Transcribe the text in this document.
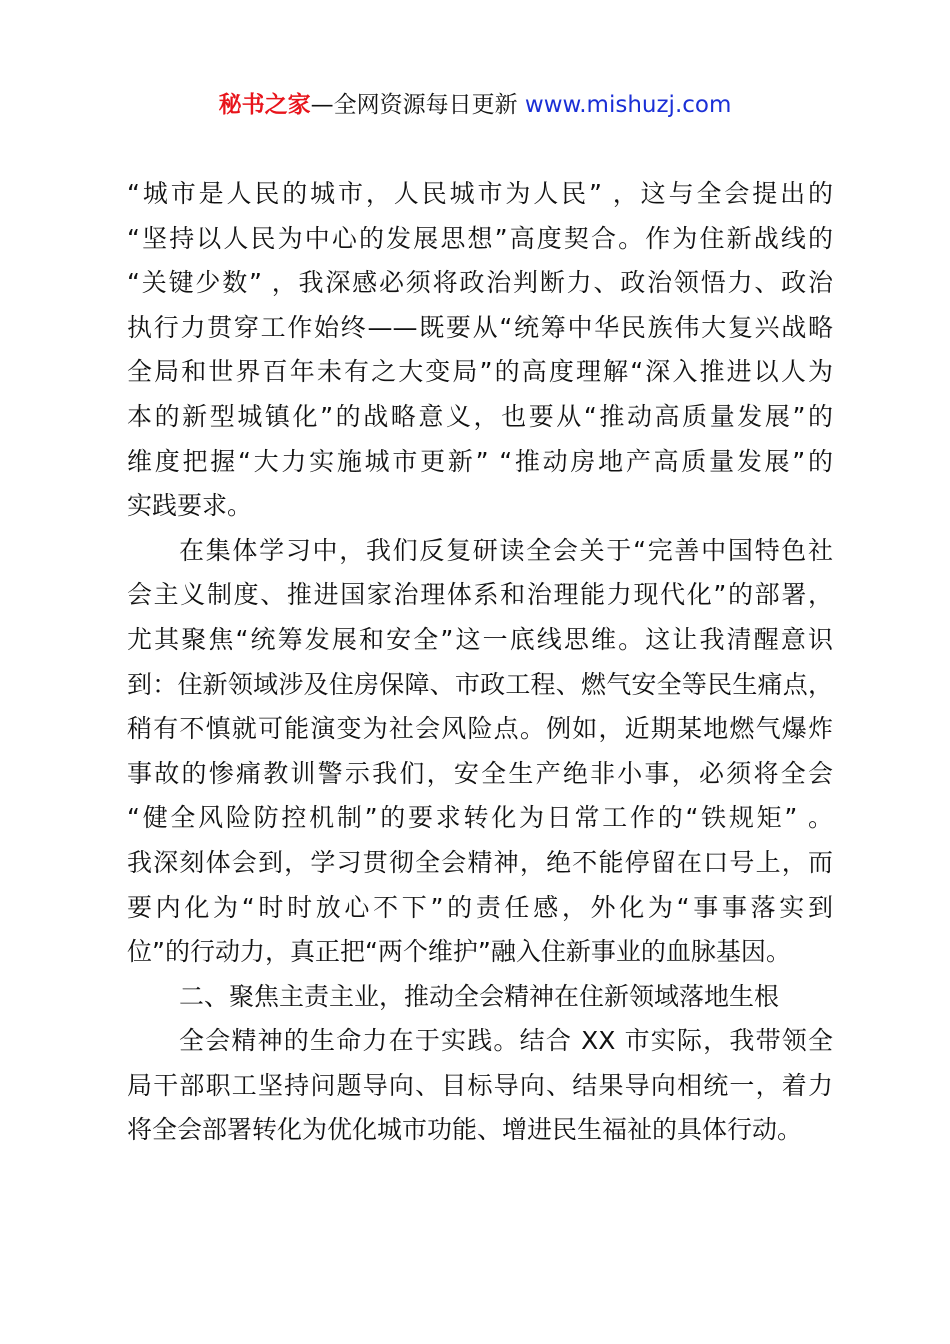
秘书之家—全网资源每日更新 www.mishuzj.com
“城市是人民的城市，人民城市为人民” ，这与全会提出的
“坚持以人民为中心的发展思想”高度契合。作为住新战线的
“关键少数” ，我深感必须将政治判断力、政治领悟力、政治
执行力贯穿工作始终——既要从“统筹中华民族伟大复兴战略
全局和世界百年未有之大变局”的高度理解“深入推进以人为
本的新型城镇化”的战略意义，也要从“推动高质量发展”的
维度把握“大力实施城市更新” “推动房地产高质量发展”的
实践要求。
在集体学习中，我们反复研读全会关于“完善中国特色社
会主义制度、推进国家治理体系和治理能力现代化”的部署，
尤其聚焦“统筹发展和安全”这一底线思维。这让我清醒意识
到：住新领域涉及住房保障、市政工程、燃气安全等民生痛点，
稍有不慎就可能演变为社会风险点。例如，近期某地燃气爆炸
事故的惨痛教训警示我们，安全生产绝非小事，必须将全会
“健全风险防控机制”的要求转化为日常工作的“铁规矩” 。
我深刻体会到，学习贯彻全会精神，绝不能停留在口号上，而
要内化为“时时放心不下”的责任感，外化为“事事落实到
位”的行动力，真正把“两个维护”融入住新事业的血脉基因。
二、聚焦主责主业，推动全会精神在住新领域落地生根
全会精神的生命力在于实践。结合 XX 市实际，我带领全
局干部职工坚持问题导向、目标导向、结果导向相统一，着力
将全会部署转化为优化城市功能、增进民生福祉的具体行动。
